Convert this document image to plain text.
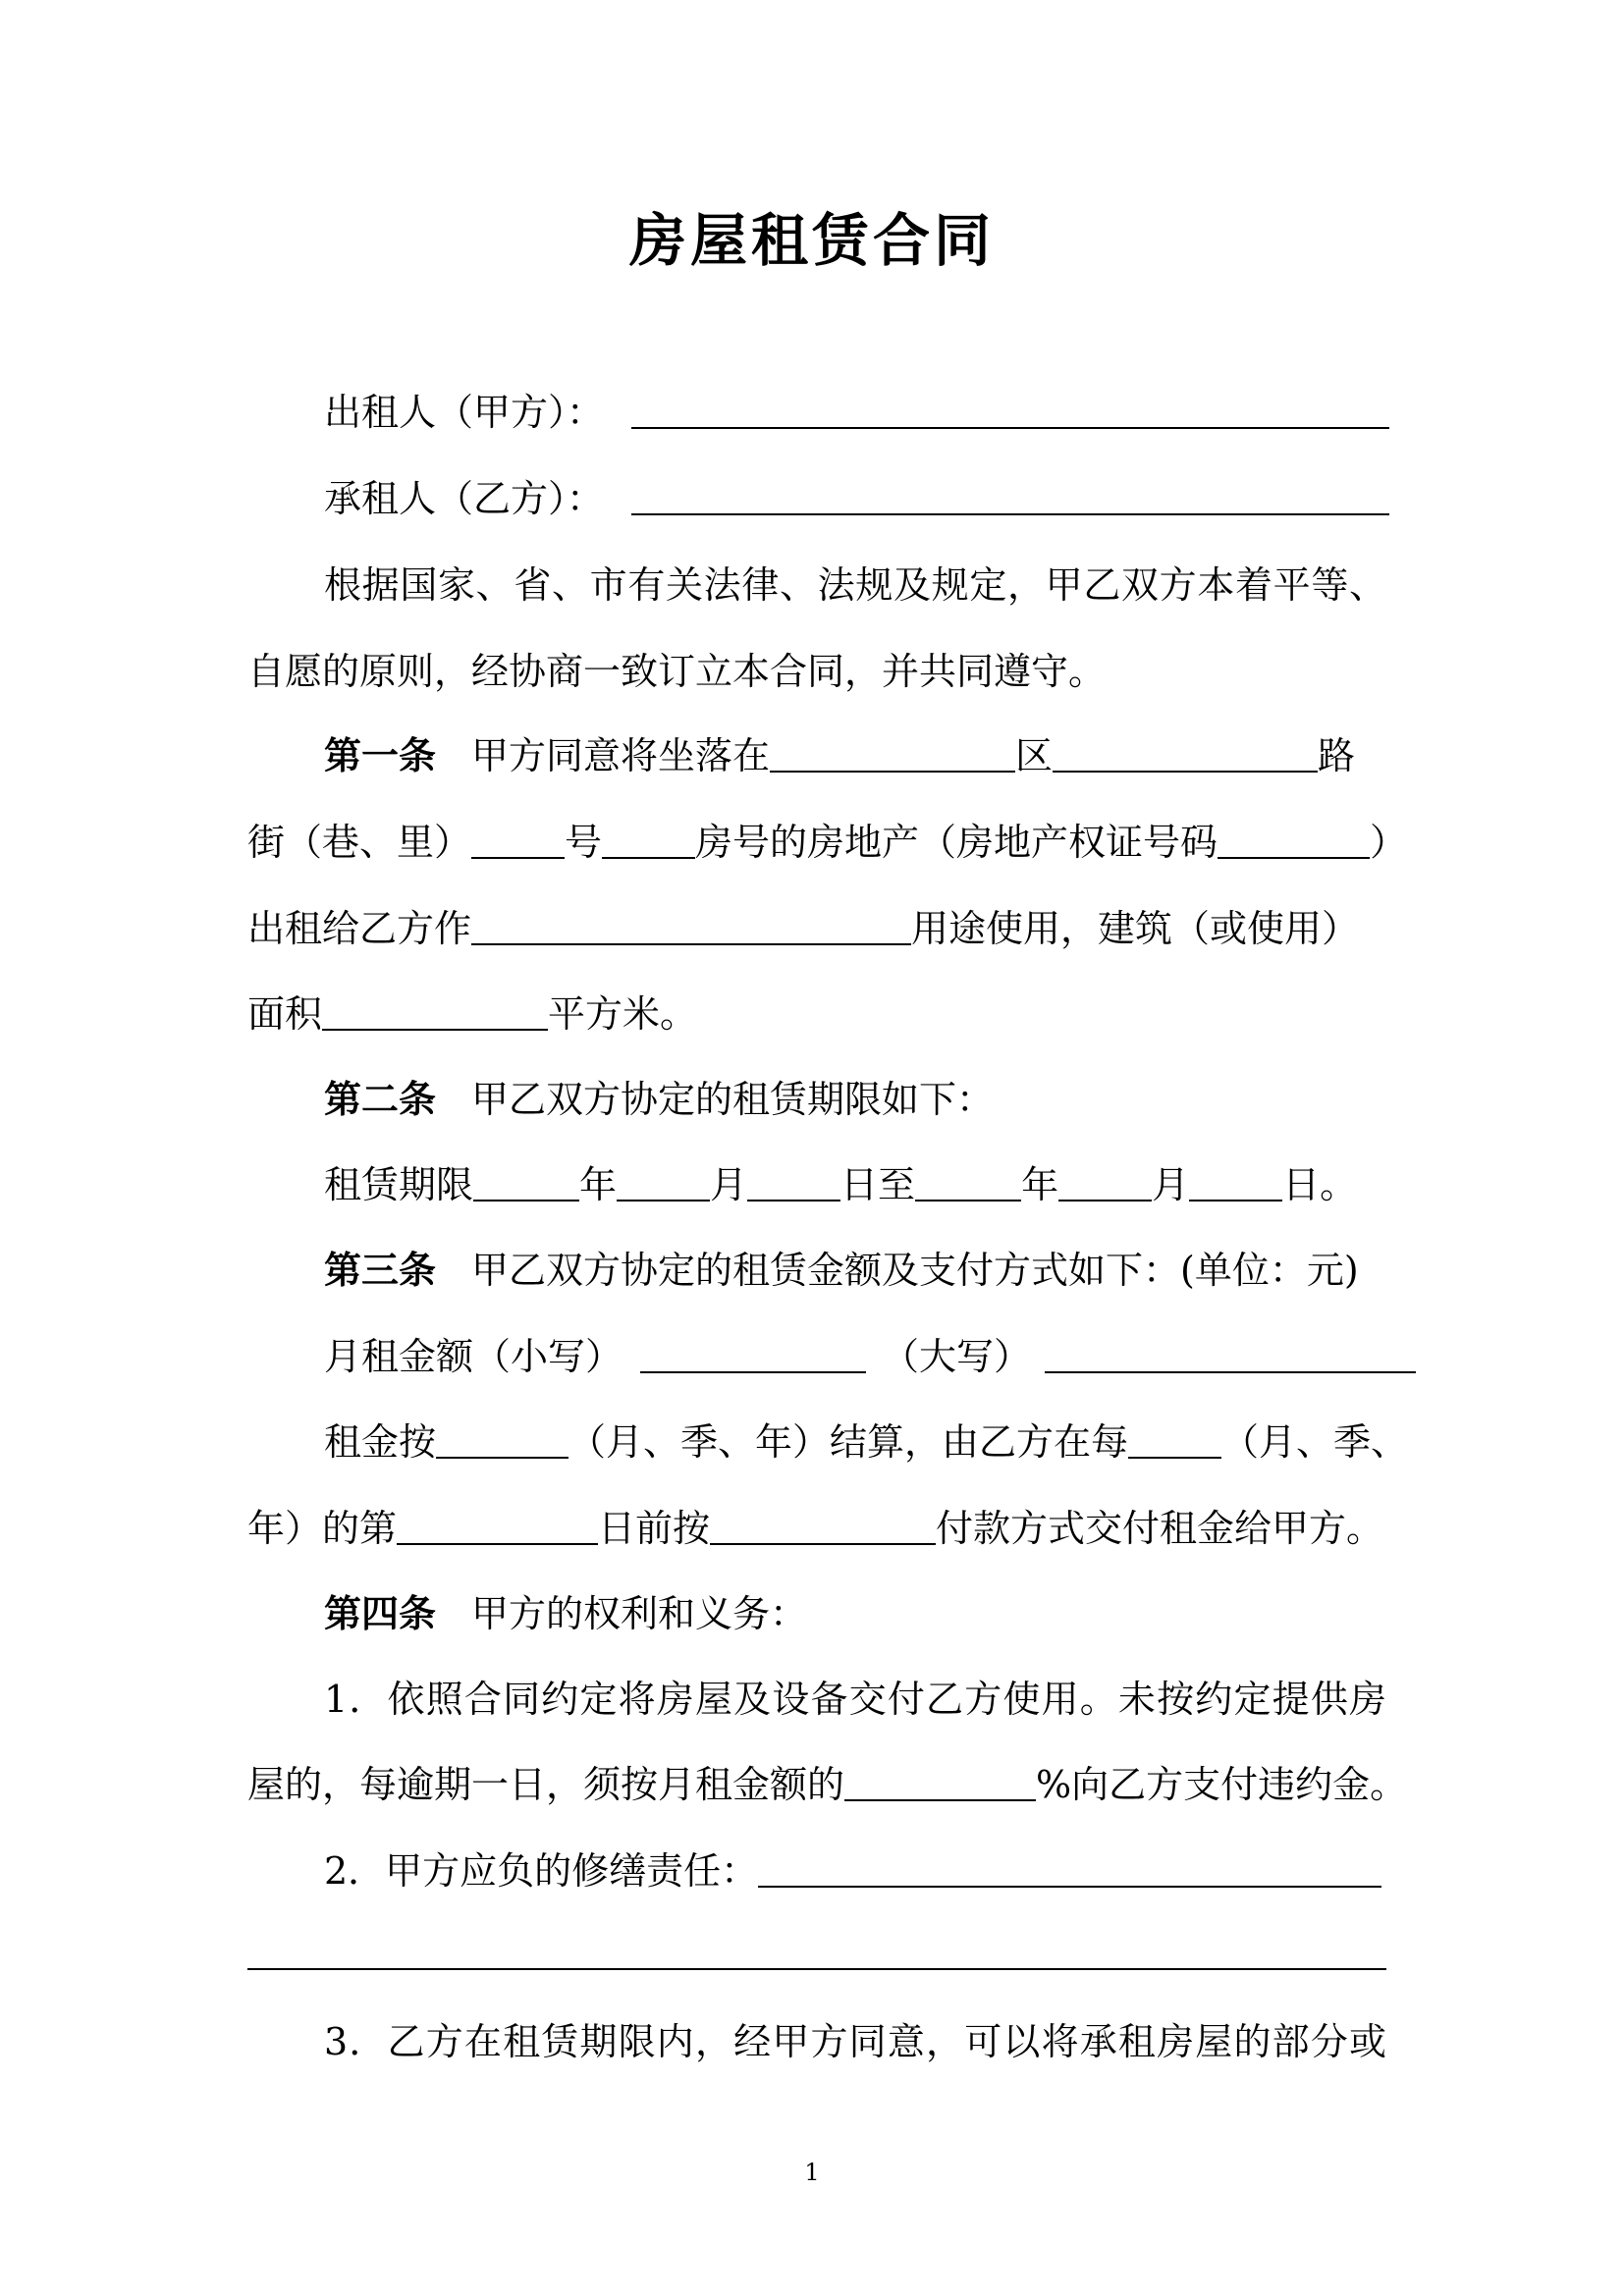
房屋租赁合同
出租人（甲方）：
承租人（乙方）：
根据国家、省、市有关法律、法规及规定，甲乙双方本着平等、
自愿的原则，经协商一致订立本合同，并共同遵守。
第一条 甲方同意将坐落在	区	路
街（巷、里）	号	房号的房地产（房地产权证号码	）
出租给乙方作	用途使用，建筑（或使用）
面积	平方米。
第二条 甲乙双方协定的租赁期限如下：
租赁期限	年	月	日至	年	月	日。
第三条 甲乙双方协定的租赁金额及支付方式如下：(单位：元)
月租金额（小写）	（大写）
租金按	（月、季、年）结算，由乙方在每	（月、季、
年）的第	日前按	付款方式交付租金给甲方。
第四条 甲方的权利和义务：
1．依照合同约定将房屋及设备交付乙方使用。未按约定提供房
屋的，每逾期一日，须按月租金额的	%向乙方支付违约金。
2．甲方应负的修缮责任：
3．乙方在租赁期限内，经甲方同意，可以将承租房屋的部分或
1
